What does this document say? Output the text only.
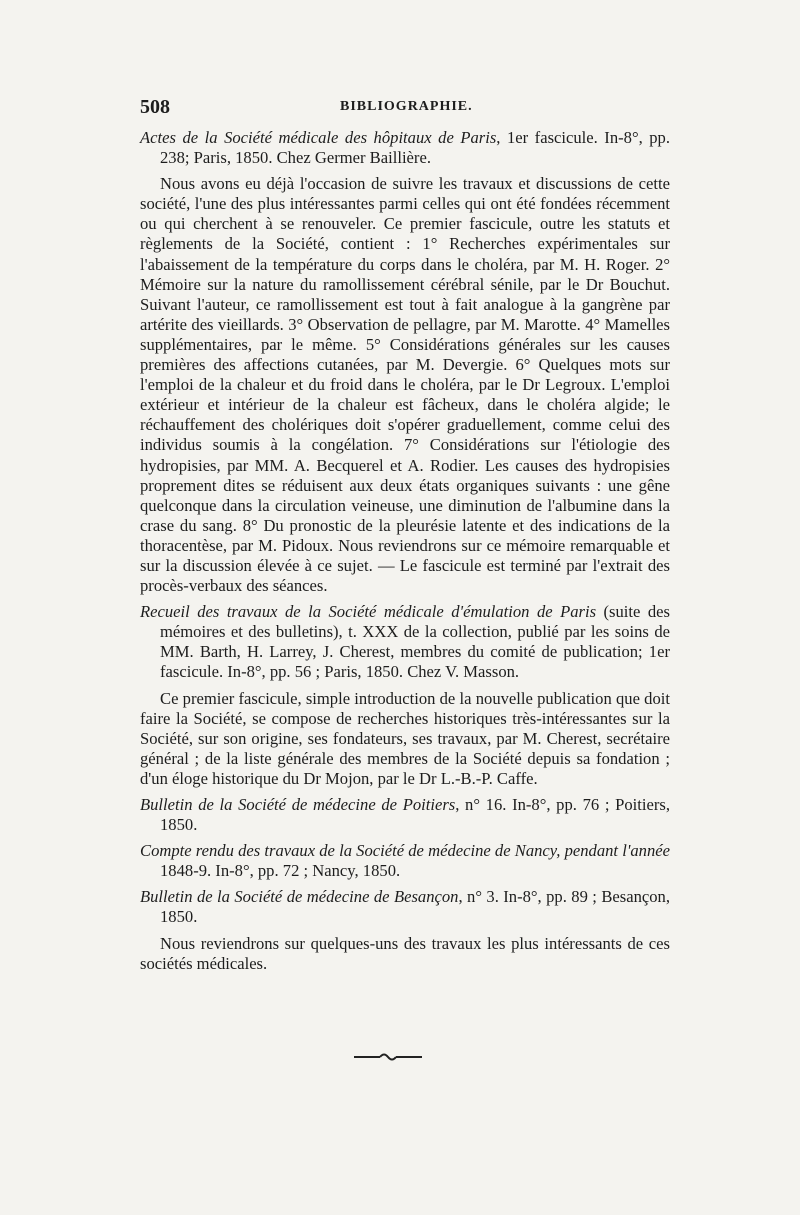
508	BIBLIOGRAPHIE.

Actes de la Société médicale des hôpitaux de Paris, 1er fascicule. In-8°, pp. 238; Paris, 1850. Chez Germer Baillière.

Nous avons eu déjà l'occasion de suivre les travaux et discussions de cette société, l'une des plus intéressantes parmi celles qui ont été fondées récemment ou qui cherchent à se renouveler. Ce premier fascicule, outre les statuts et règlements de la Société, contient : 1° Recherches expérimentales sur l'abaissement de la température du corps dans le choléra, par M. H. Roger. 2° Mémoire sur la nature du ramollissement cérébral sénile, par le Dr Bouchut. Suivant l'auteur, ce ramollissement est tout à fait analogue à la gangrène par artérite des vieillards. 3° Observation de pellagre, par M. Marotte. 4° Mamelles supplémentaires, par le même. 5° Considérations générales sur les causes premières des affections cutanées, par M. Devergie. 6° Quelques mots sur l'emploi de la chaleur et du froid dans le choléra, par le Dr Legroux. L'emploi extérieur et intérieur de la chaleur est fâcheux, dans le choléra algide; le réchauffement des cholériques doit s'opérer graduellement, comme celui des individus soumis à la congélation. 7° Considérations sur l'étiologie des hydropisies, par MM. A. Becquerel et A. Rodier. Les causes des hydropisies proprement dites se réduisent aux deux états organiques suivants : une gêne quelconque dans la circulation veineuse, une diminution de l'albumine dans la crase du sang. 8° Du pronostic de la pleurésie latente et des indications de la thoracentèse, par M. Pidoux. Nous reviendrons sur ce mémoire remarquable et sur la discussion élevée à ce sujet. — Le fascicule est terminé par l'extrait des procès-verbaux des séances.

Recueil des travaux de la Société médicale d'émulation de Paris (suite des mémoires et des bulletins), t. XXX de la collection, publié par les soins de MM. Barth, H. Larrey, J. Cherest, membres du comité de publication; 1er fascicule. In-8°, pp. 56 ; Paris, 1850. Chez V. Masson.

Ce premier fascicule, simple introduction de la nouvelle publication que doit faire la Société, se compose de recherches historiques très-intéressantes sur la Société, sur son origine, ses fondateurs, ses travaux, par M. Cherest, secrétaire général ; de la liste générale des membres de la Société depuis sa fondation ; d'un éloge historique du Dr Mojon, par le Dr L.-B.-P. Caffe.

Bulletin de la Société de médecine de Poitiers, n° 16. In-8°, pp. 76 ; Poitiers, 1850.

Compte rendu des travaux de la Société de médecine de Nancy, pendant l'année 1848-9. In-8°, pp. 72 ; Nancy, 1850.

Bulletin de la Société de médecine de Besançon, n° 3. In-8°, pp. 89 ; Besançon, 1850.

Nous reviendrons sur quelques-uns des travaux les plus intéressants de ces sociétés médicales.
